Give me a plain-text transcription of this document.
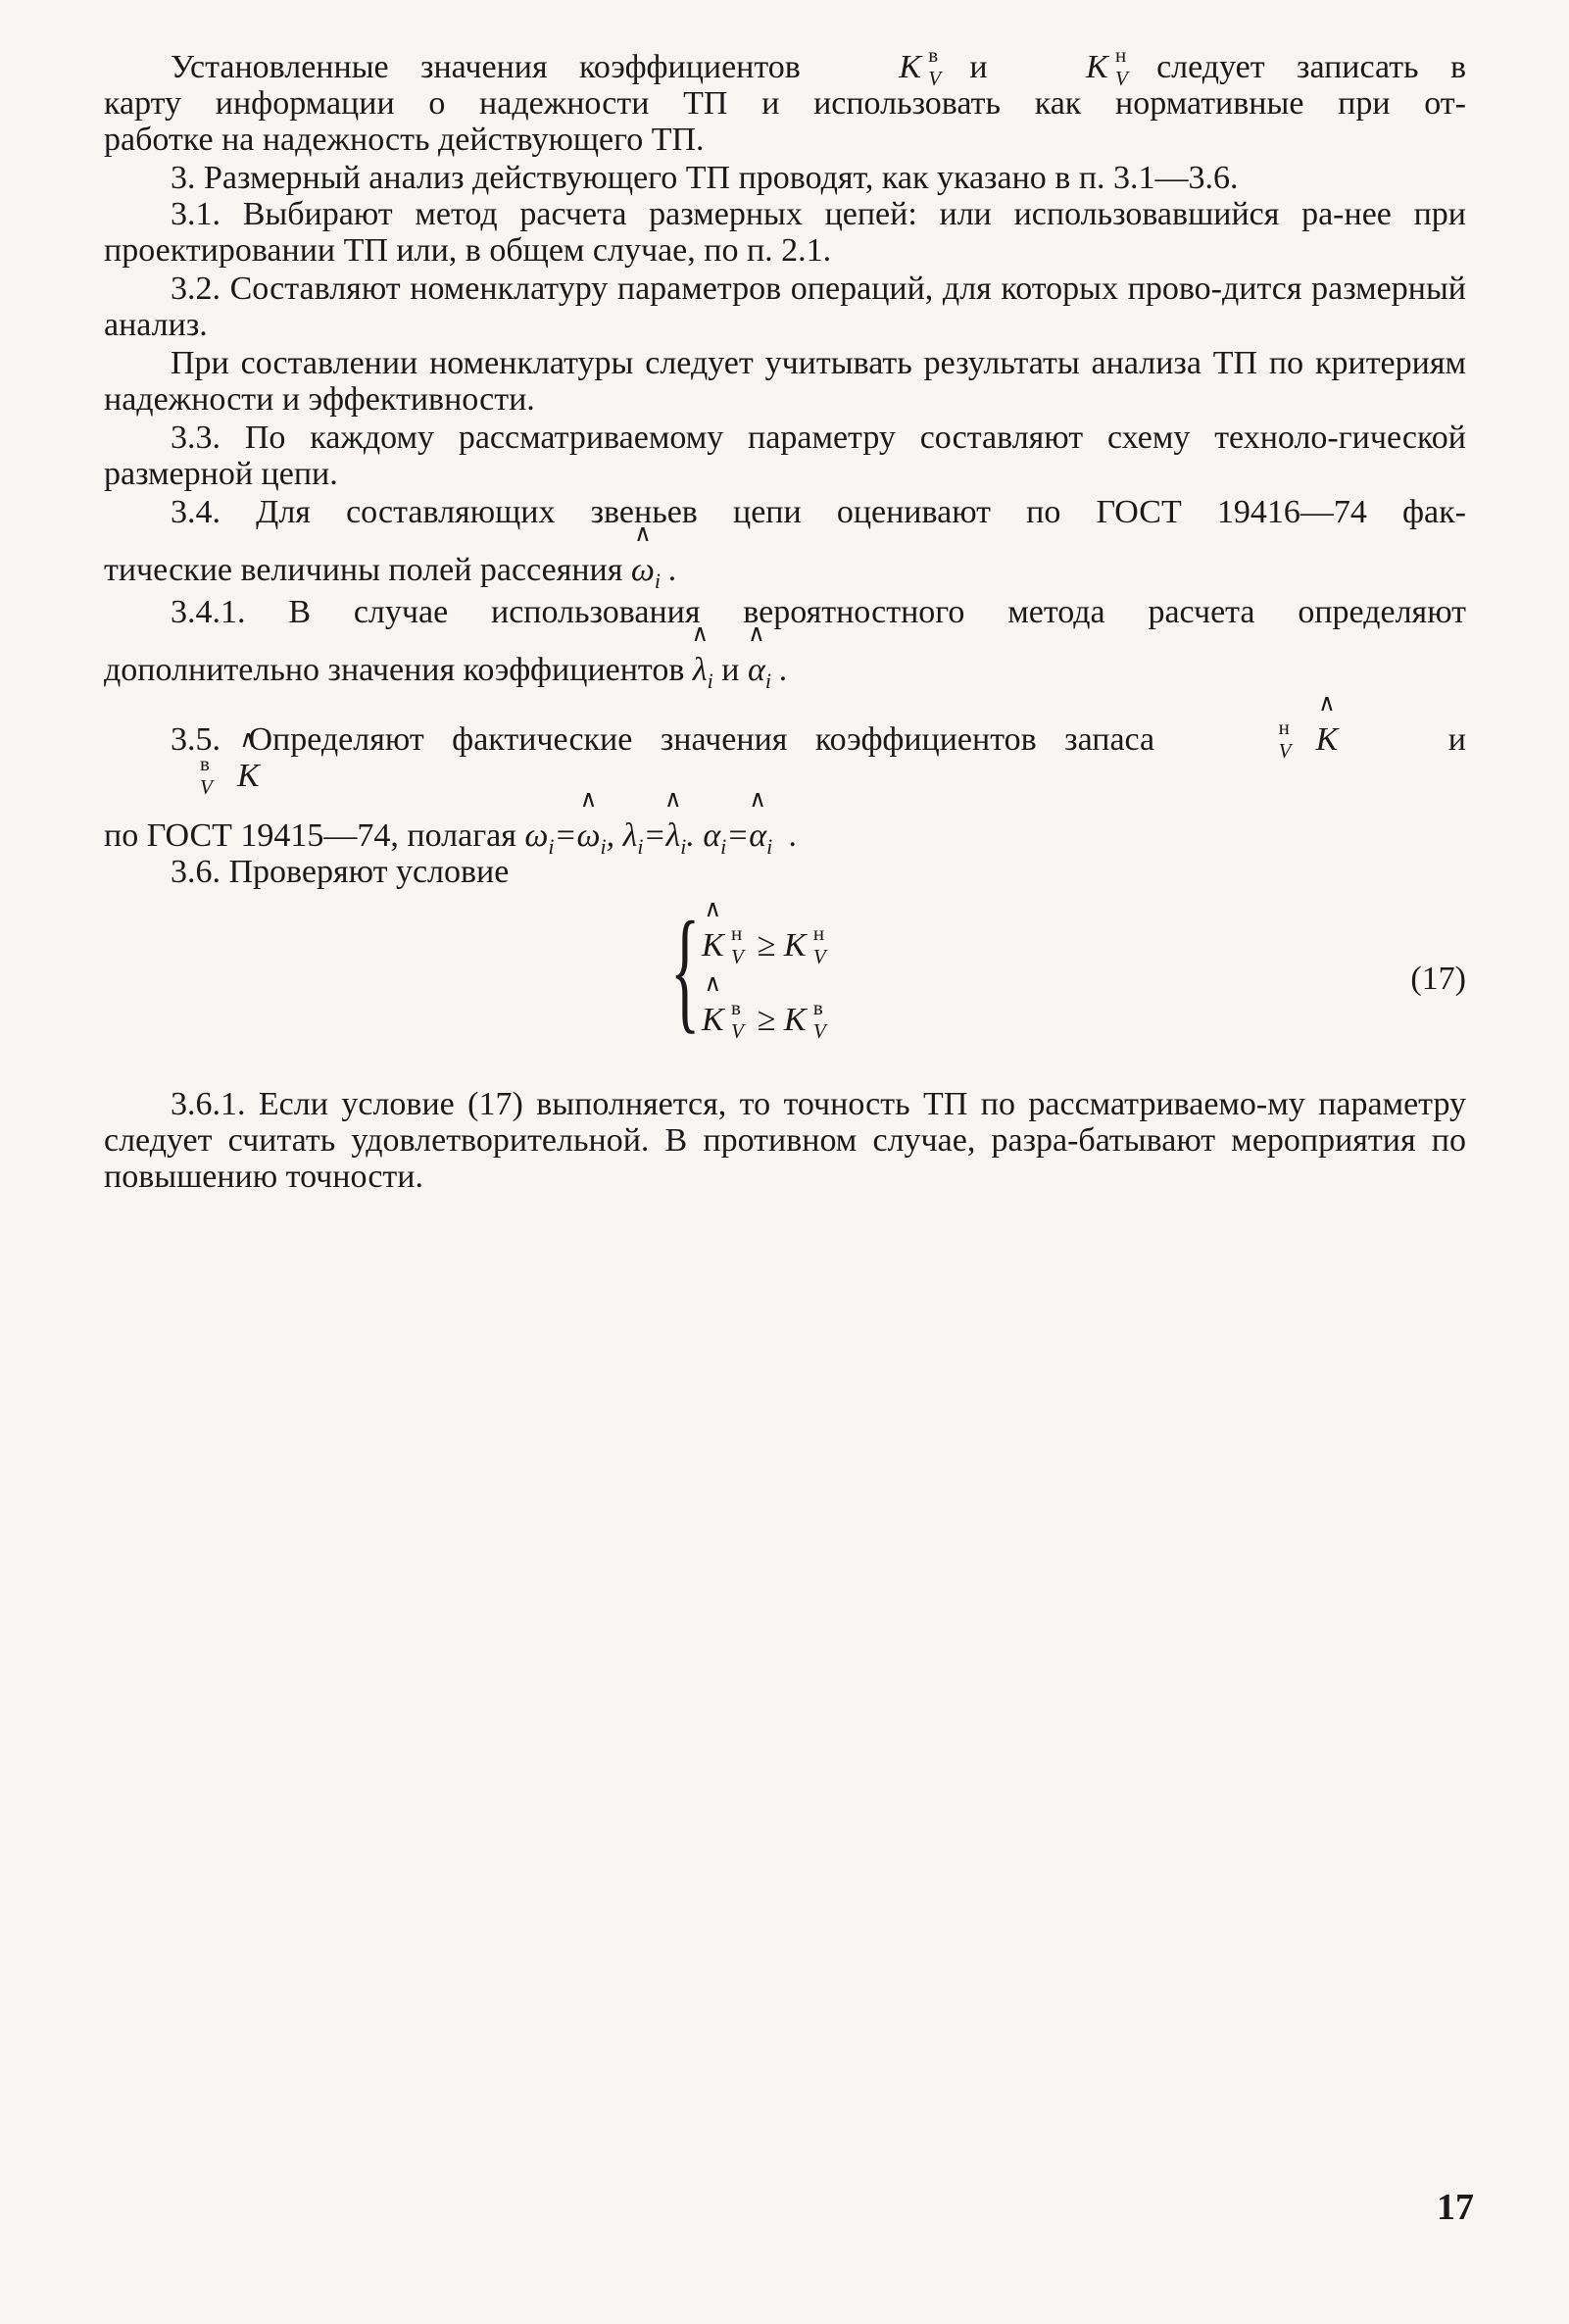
Установленные значения коэффициентов	K в
V и	K н
V следует записать в

карту информации о надежности ТП и использовать как нормативные при от-

работке на надежность действующего ТП.

3. Размерный анализ действующего ТП проводят, как указано в п. 3.1—3.6.

3.1. Выбирают метод расчета размерных цепей: или использовавшийся ра-нее при проектировании ТП или, в общем случае, по п. 2.1.

3.2. Составляют номенклатуру параметров операций, для которых прово-дится размерный анализ.

При составлении номенклатуры следует учитывать результаты анализа ТП по критериям надежности и эффективности.

3.3. По каждому рассматриваемому параметру составляют схему техноло-гической размерной цепи.

3.4. Для составляющих звеньев цепи оценивают по ГОСТ 19416—74 фак-

тические величины полей рассеяния ∧ $\omega_i$ .

3.4.1. В случае использования вероятностного метода расчета определяют

дополнительно значения коэффициентов ∧ $\lambda_i$ и ∧ $\alpha_i$ .

3.5. Определяют фактические значения коэффициентов запаса	∧ K
н
V	и ∧ K
в
V

по ГОСТ 19415—74, полагая $\omega_i=\wedge$ $\omega_i$, $\lambda_i=\wedge$ $\lambda_i$. $\alpha_i=\wedge$ $\alpha_i$  .

3.6. Проверяют условие

{ ∧ K н
V ≥ K н
V
∧ K в
V ≥ K в
V
(17)

3.6.1. Если условие (17) выполняется, то точность ТП по рассматриваемо-му параметру следует считать удовлетворительной. В противном случае, разра-батывают мероприятия по повышению точности.

17
